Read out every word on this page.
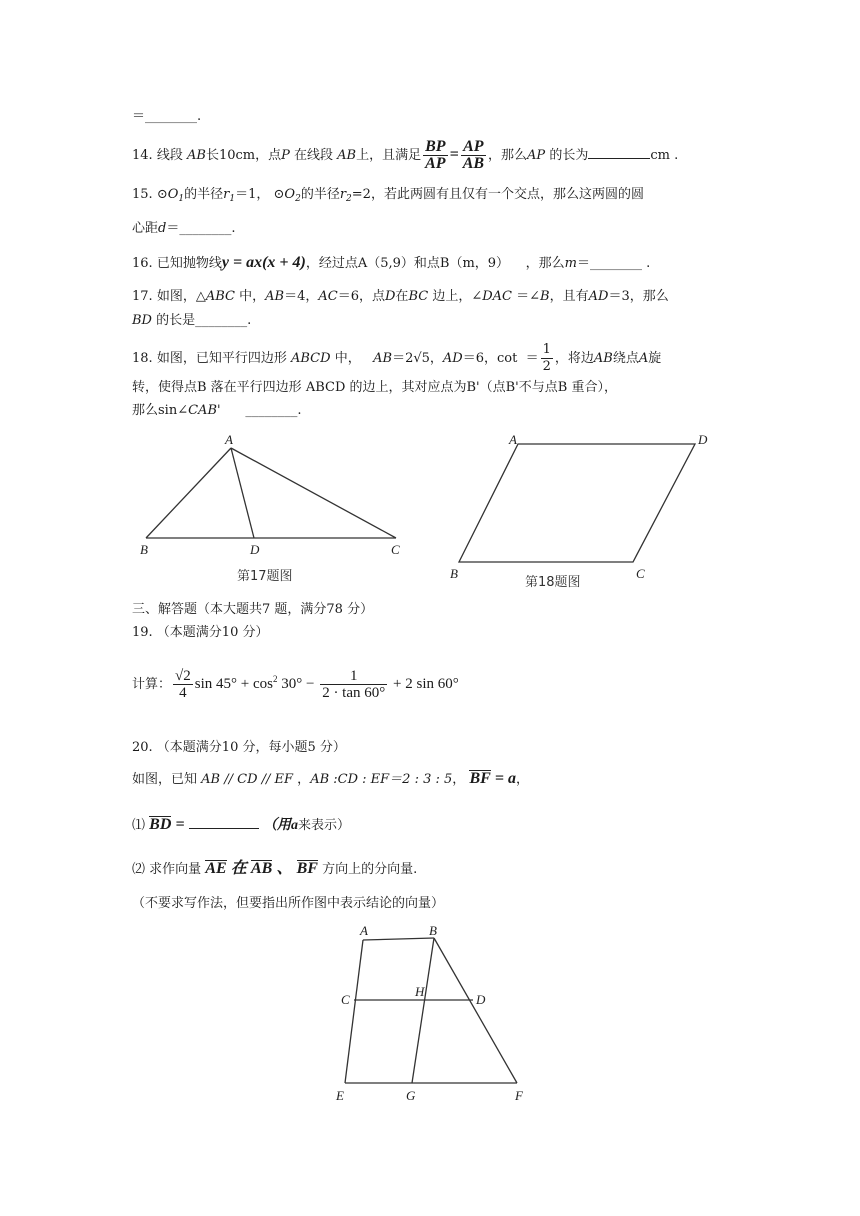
＝________.
14. 线段 AB长10cm，点P 在线段 AB上，且满足 $\frac{BP}{AP} = \frac{AP}{AB}$ ，那么AP 的长为	cm .
15. $⊙O_1$的半径$r_1=1$， $⊙O_2$的半径$r_2=2$，若此两圆有且仅有一个交点，那么这两圆的圆
心距d＝________.
16. 已知抛物线y = ax(x + 4)，经过点A（5,9）和点B（m，9） ，那么m＝________ .
17. 如图，△ABC 中，AB＝4，AC＝6，点D在BC 边上，∠DAC ＝∠B，且有AD＝3，那么
BD 的长是________.
18. 如图，已知平行四边形 ABCD 中， AB＝2√5，AD＝6，$\cot = \frac{1}{2}$ ，将边AB绕点A旋
转，使得点B 落在平行四边形 ABCD 的边上，其对应点为B'（点B'不与点B 重合），
那么sin∠CAB' ________.
A
B	D	C
第17题图
A	D
B	C
第18题图
三、解答题（本大题共7 题，满分78 分）
19. （本题满分10 分）
计算： $\frac{√2}{4}$ $\sin 45^\circ + \cos^2 30^\circ - \frac{1}{2 \cdot \tan 60^\circ} + 2$ sin 60°
20. （本题满分10 分，每小题5 分）
如图，已知 AB // CD // EF ，AB :CD : EF＝2 : 3 : 5， BF = a，
⑴ BD =	（用a来表示）
⑵ 求作向量 AE 在 AB 、 BF 方向上的分向量.
（不要求写作法，但要指出所作图中表示结论的向量）
A	B
C
H
D
E	G	F
